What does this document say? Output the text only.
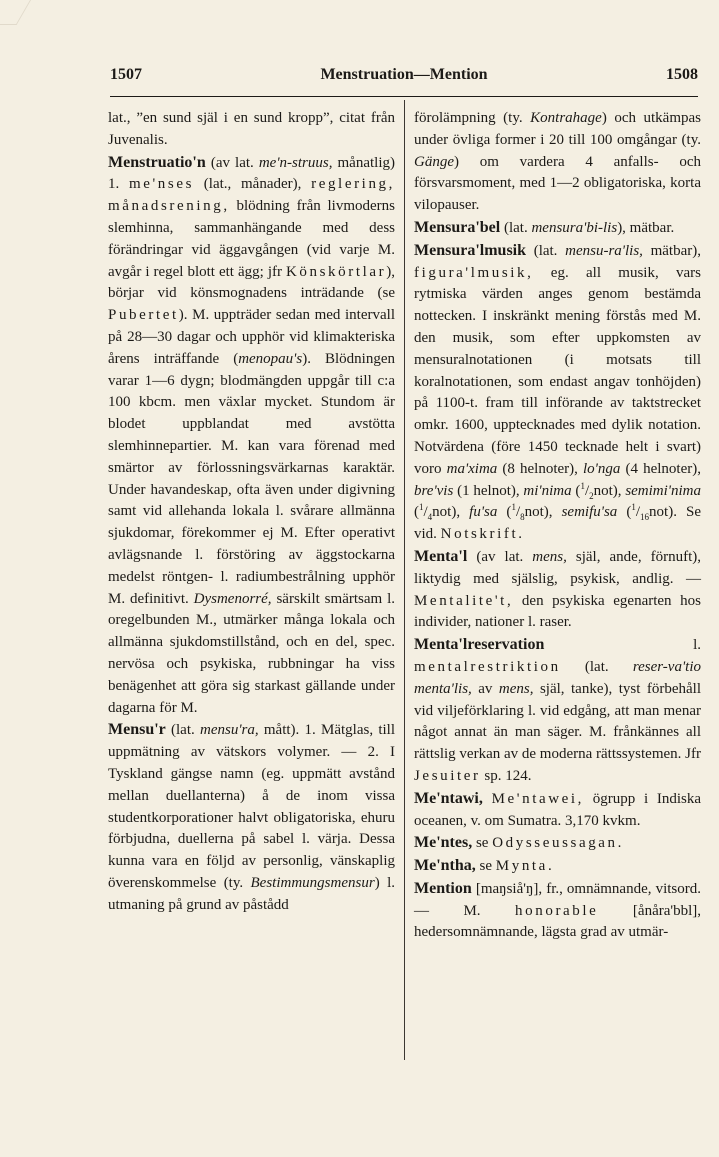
1507	Menstruation—Mention	1508

lat., ”en sund själ i en sund kropp”, citat från Juvenalis.

Menstruatio'n (av lat. me'n-struus, månatlig) 1. me'nses (lat., månader), reglering, månadsrening, blödning från livmoderns slemhinna, sammanhängande med dess förändringar vid äggavgången (vid varje M. avgår i regel blott ett ägg; jfr Könskörtlar), börjar vid könsmognadens inträdande (se Pubertet). M. uppträder sedan med intervall på 28—30 dagar och upphör vid klimakteriska årens inträffande (menopau's). Blödningen varar 1—6 dygn; blodmängden uppgår till c:a 100 kbcm. men växlar mycket. Stundom är blodet uppblandat med avstötta slemhinnepartier. M. kan vara förenad med smärtor av förlossningsvärkarnas karaktär. Under havandeskap, ofta även under digivning samt vid allehanda lokala l. svårare allmänna sjukdomar, förekommer ej M. Efter operativt avlägsnande l. förstöring av äggstockarna medelst röntgen- l. radiumbestrålning upphör M. definitivt. Dysmenorré, särskilt smärtsam l. oregelbunden M., utmärker många lokala och allmänna sjukdomstillstånd, och en del, spec. nervösa och psykiska, rubbningar ha viss benägenhet att göra sig starkast gällande under dagarna för M.

Mensu'r (lat. mensu'ra, mått). 1. Mätglas, till uppmätning av vätskors volymer. — 2. I Tyskland gängse namn (eg. uppmätt avstånd mellan duellanterna) å de inom vissa studentkorporationer halvt obligatoriska, ehuru förbjudna, duellerna på sabel l. värja. Dessa kunna vara en följd av personlig, vänskaplig överenskommelse (ty. Bestimmungsmensur) l. utmaning på grund av påstådd

förolämpning (ty. Kontrahage) och utkämpas under övliga former i 20 till 100 omgångar (ty. Gänge) om vardera 4 anfalls- och försvarsmoment, med 1—2 obligatoriska, korta vilopauser.

Mensura'bel (lat. mensura'bi-lis), mätbar.

Mensura'lmusik (lat. mensu-ra'lis, mätbar), figura'lmusik, eg. all musik, vars rytmiska värden anges genom bestämda nottecken. I inskränkt mening förstås med M. den musik, som efter uppkomsten av mensuralnotationen (i motsats till koralnotationen, som endast angav tonhöjden) på 1100-t. fram till införande av taktstrecket omkr. 1600, upptecknades med dylik notation. Notvärdena (före 1450 tecknade helt i svart) voro ma'xima (8 helnoter), lo'nga (4 helnoter), bre'vis (1 helnot), mi'nima $(^1/_2not)$, semimi'nima $(^1/_4not)$, fu'sa $(^1/_8not)$, semifu'sa $(^1/_{16}not)$. Se vid. Notskrift.

Menta'l (av lat. mens, själ, ande, förnuft), liktydig med själslig, psykisk, andlig. — Mentalite't, den psykiska egenarten hos individer, nationer l. raser.

Menta'lreservation l. mentalrestriktion (lat. reser-va'tio menta'lis, av mens, själ, tanke), tyst förbehåll vid viljeförklaring l. vid edgång, att man menar något annat än man säger. M. frånkännes all rättslig verkan av de moderna rättssystemen. Jfr Jesuiter sp. 124.

Me'ntawi, Me'ntawei, ögrupp i Indiska oceanen, v. om Sumatra. 3,170 kvkm.

Me'ntes, se Odysseussagan.

Me'ntha, se Mynta.

Mention [maŋsiå'ŋ], fr., omnämnande, vitsord. — M. honorable [ånåra'bbl], hedersomnämnande, lägsta grad av utmär-
